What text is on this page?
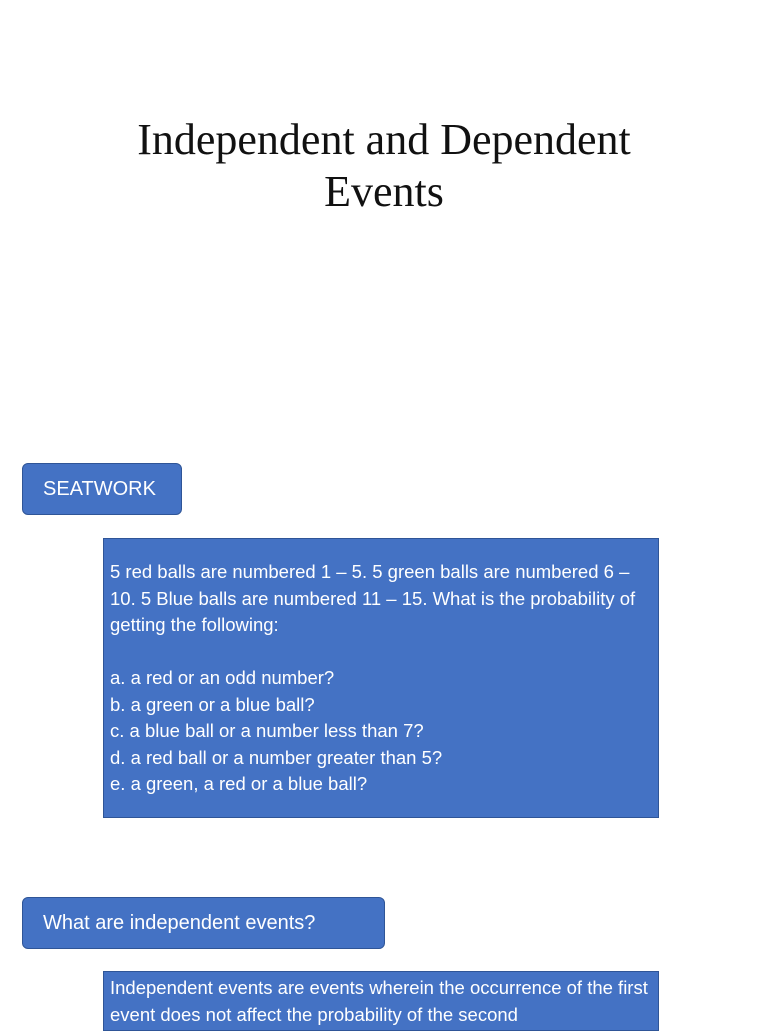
Independent and Dependent
Events
SEATWORK

5 red balls are numbered 1 – 5. 5 green balls are numbered 6 – 10. 5 Blue balls are numbered 11 – 15. What is the probability of getting the following:

a. a red or an odd number?
b. a green or a blue ball?
c. a blue ball or a number less than 7?
d. a red ball or a number greater than 5?
e. a green, a red or a blue ball?
What are independent events?

Independent events are events wherein the occurrence of the first event does not affect the probability of the second
